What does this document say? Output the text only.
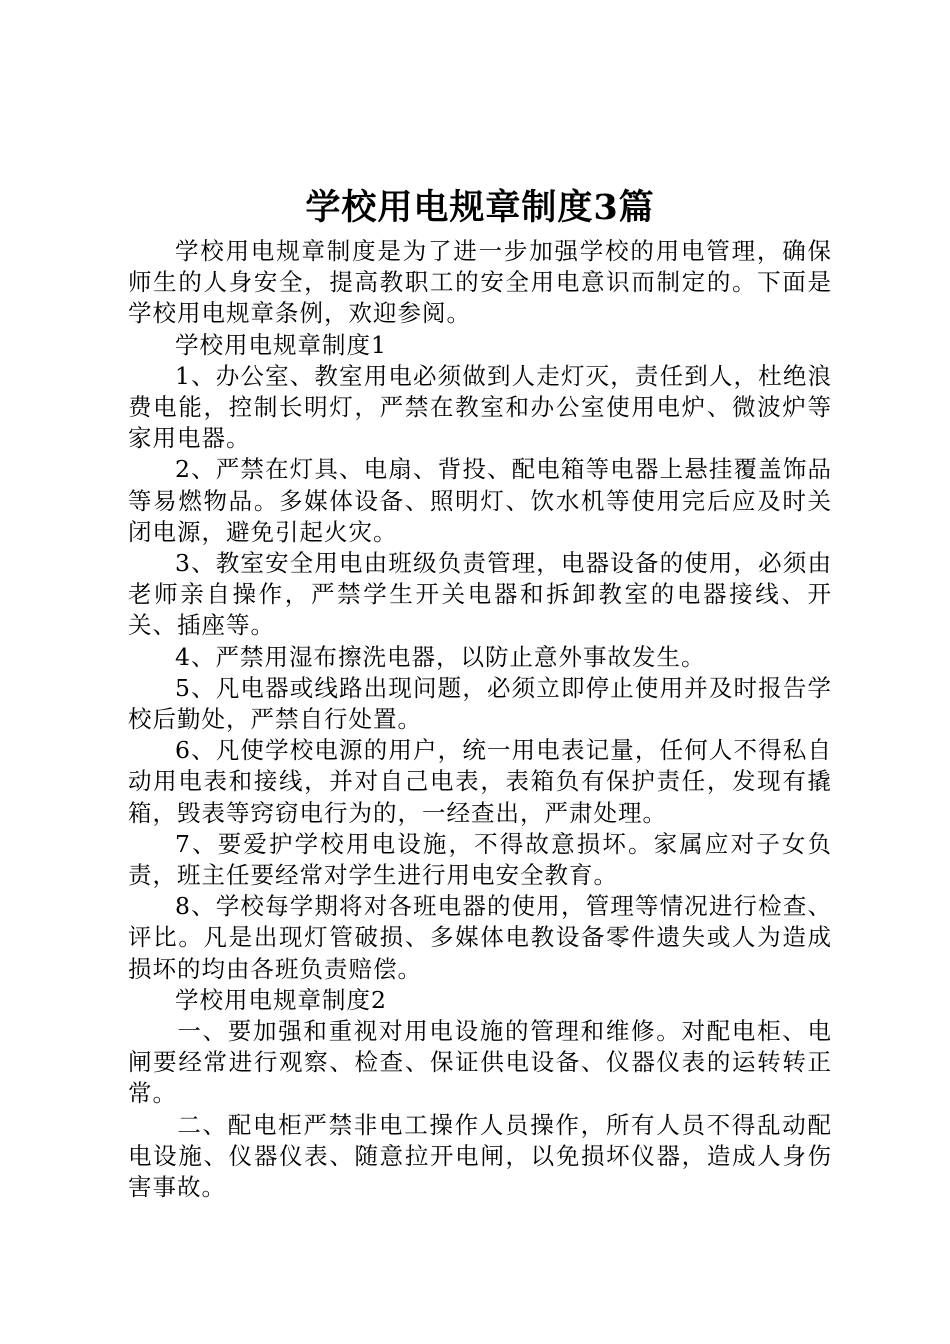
学校用电规章制度3篇

学校用电规章制度是为了进一步加强学校的用电管理，确保师生的人身安全，提高教职工的安全用电意识而制定的。下面是学校用电规章条例，欢迎参阅。

学校用电规章制度1

1、办公室、教室用电必须做到人走灯灭，责任到人，杜绝浪费电能，控制长明灯，严禁在教室和办公室使用电炉、微波炉等家用电器。

2、严禁在灯具、电扇、背投、配电箱等电器上悬挂覆盖饰品等易燃物品。多媒体设备、照明灯、饮水机等使用完后应及时关闭电源，避免引起火灾。

3、教室安全用电由班级负责管理，电器设备的使用，必须由老师亲自操作，严禁学生开关电器和拆卸教室的电器接线、开关、插座等。

4、严禁用湿布擦洗电器，以防止意外事故发生。

5、凡电器或线路出现问题，必须立即停止使用并及时报告学校后勤处，严禁自行处置。

6、凡使学校电源的用户，统一用电表记量，任何人不得私自动用电表和接线，并对自己电表，表箱负有保护责任，发现有撬箱，毁表等窍窃电行为的，一经查出，严肃处理。

7、要爱护学校用电设施，不得故意损坏。家属应对子女负责，班主任要经常对学生进行用电安全教育。

8、学校每学期将对各班电器的使用，管理等情况进行检查、评比。凡是出现灯管破损、多媒体电教设备零件遗失或人为造成损坏的均由各班负责赔偿。

学校用电规章制度2

一、要加强和重视对用电设施的管理和维修。对配电柜、电闸要经常进行观察、检查、保证供电设备、仪器仪表的运转转正常。

二、配电柜严禁非电工操作人员操作，所有人员不得乱动配电设施、仪器仪表、随意拉开电闸，以免损坏仪器，造成人身伤害事故。
